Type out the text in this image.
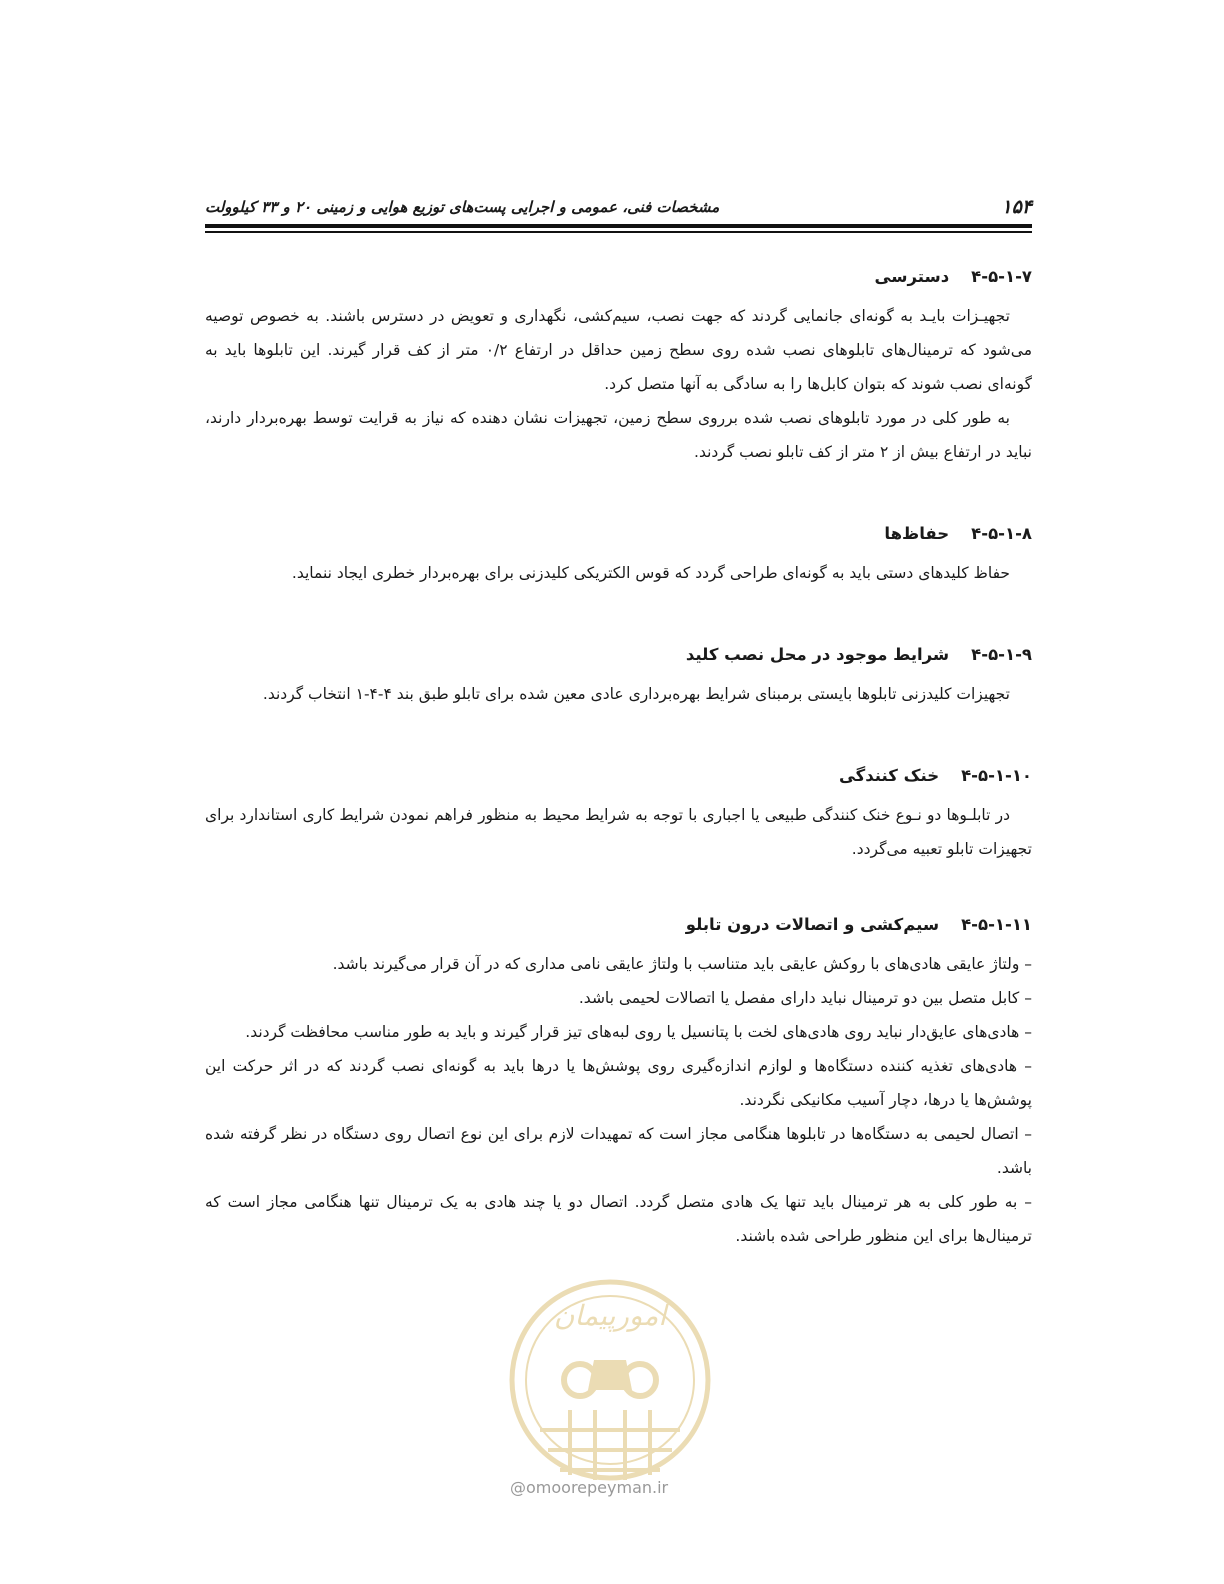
۱۵۴
مشخصات فنی، عمومی و اجرایی پست‌های توزیع هوایی و زمینی ۲۰ و ۳۳ کیلوولت

۴-۵-۱-۷دسترسی

تجهیـزات بایـد به گونه‌ای جانمایی گردند که جهت نصب، سیم‌کشی، نگهداری و تعویض در دسترس باشند. به خصوص توصیه می‌شود که ترمینال‌های تابلوهای نصب شده روی سطح زمین حداقل در ارتفاع ۰/۲ متر از کف قرار گیرند. این تابلوها باید به گونه‌ای نصب شوند که بتوان کابل‌ها را به سادگی به آنها متصل کرد.

به طور کلی در مورد تابلوهای نصب شده برروی سطح زمین، تجهیزات نشان دهنده که نیاز به قرایت توسط بهره‌بردار دارند، نباید در ارتفاع بیش از ۲ متر از کف تابلو نصب گردند.

۴-۵-۱-۸حفاظ‌ها

حفاظ کلیدهای دستی باید به گونه‌ای طراحی گردد که قوس الکتریکی کلیدزنی برای بهره‌بردار خطری ایجاد ننماید.

۴-۵-۱-۹شرایط موجود در محل نصب کلید

تجهیزات کلیدزنی تابلوها بایستی برمبنای شرایط بهره‌برداری عادی معین شده برای تابلو طبق بند ۴-۴-۱ انتخاب گردند.

۴-۵-۱-۱۰خنک کنندگی

در تابلـوها دو نـوع خنک کنندگی طبیعی یا اجباری با توجه به شرایط محیط به منظور فراهم نمودن شرایط کاری استاندارد برای تجهیزات تابلو تعبیه می‌گردد.

۴-۵-۱-۱۱سیم‌کشی و اتصالات درون تابلو

– ولتاژ عایقی هادی‌های با روکش عایقی باید متناسب با ولتاژ عایقی نامی مداری که در آن قرار می‌گیرند باشد.
– کابل متصل بین دو ترمینال نباید دارای مفصل یا اتصالات لحیمی باشد.
– هادی‌های عایق‌دار نباید روی هادی‌های لخت با پتانسیل یا روی لبه‌های تیز قرار گیرند و باید به طور مناسب محافظت گردند.
– هادی‌های تغذیه کننده دستگاه‌ها و لوازم اندازه‌گیری روی پوشش‌ها یا درها باید به گونه‌ای نصب گردند که در اثر حرکت این پوشش‌ها یا درها، دچار آسیب مکانیکی نگردند.
– اتصال لحیمی به دستگاه‌ها در تابلوها هنگامی مجاز است که تمهیدات لازم برای این نوع اتصال روی دستگاه در نظر گرفته شده باشد.
– به طور کلی به هر ترمینال باید تنها یک هادی متصل گردد. اتصال دو یا چند هادی به یک ترمینال تنها هنگامی مجاز است که ترمینال‌ها برای این منظور طراحی شده باشند.
امورپیمان
@omoorepeyman.ir
